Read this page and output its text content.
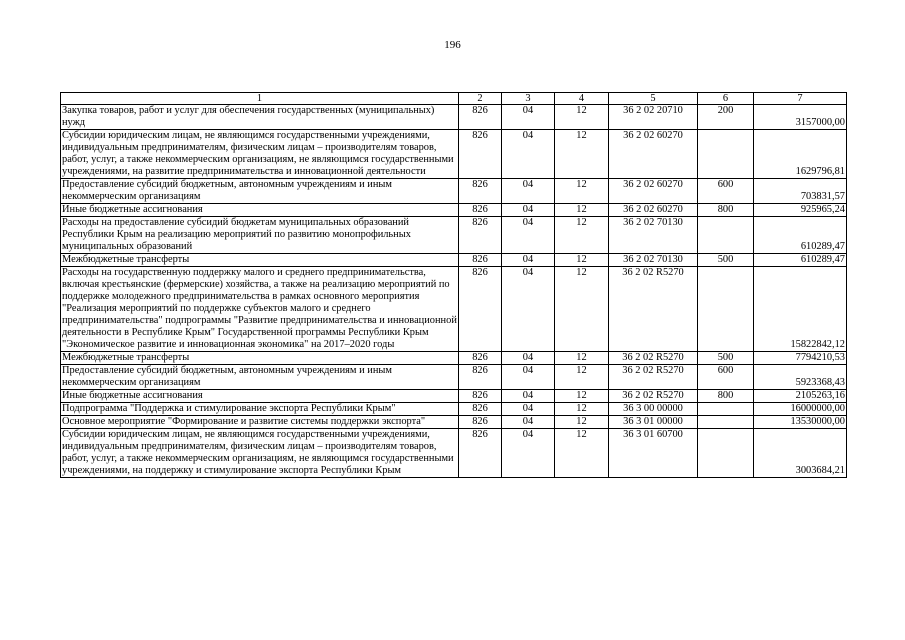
196
1	2	3	4	5	6	7
Закупка товаров, работ и услуг для обеспечения государственных (муниципальных) нужд	826	04	12	36 2 02 20710	200	3157000,00
Субсидии юридическим лицам, не являющимся государственными учреждениями, индивидуальным предпринимателям, физическим лицам – производителям товаров, работ, услуг, а также некоммерческим организациям, не являющимся государственными учреждениями, на развитие предпринимательства и инновационной деятельности	826	04	12	36 2 02 60270		1629796,81
Предоставление субсидий бюджетным, автономным учреждениям и иным некоммерческим организациям	826	04	12	36 2 02 60270	600	703831,57
Иные бюджетные ассигнования	826	04	12	36 2 02 60270	800	925965,24
Расходы на предоставление субсидий бюджетам муниципальных образований Республики Крым на реализацию мероприятий по развитию монопрофильных муниципальных образований	826	04	12	36 2 02 70130		610289,47
Межбюджетные трансферты	826	04	12	36 2 02 70130	500	610289,47
Расходы на государственную поддержку малого и среднего предпринимательства, включая крестьянские (фермерские) хозяйства, а также на реализацию мероприятий по поддержке молодежного предпринимательства в рамках основного мероприятия "Реализация мероприятий по поддержке субъектов малого и среднего предпринимательства" подпрограммы "Развитие предпринимательства и инновационной деятельности в Республике Крым" Государственной программы Республики Крым "Экономическое развитие и инновационная экономика" на 2017–2020 годы	826	04	12	36 2 02 R5270		15822842,12
Межбюджетные трансферты	826	04	12	36 2 02 R5270	500	7794210,53
Предоставление субсидий бюджетным, автономным учреждениям и иным некоммерческим организациям	826	04	12	36 2 02 R5270	600	5923368,43
Иные бюджетные ассигнования	826	04	12	36 2 02 R5270	800	2105263,16
Подпрограмма "Поддержка и стимулирование экспорта Республики Крым"	826	04	12	36 3 00 00000		16000000,00
Основное мероприятие "Формирование и развитие системы поддержки экспорта"	826	04	12	36 3 01 00000		13530000,00
Субсидии юридическим лицам, не являющимся государственными учреждениями, индивидуальным предпринимателям, физическим лицам – производителям товаров, работ, услуг, а также некоммерческим организациям, не являющимся государственными учреждениями, на поддержку и стимулирование экспорта Республики Крым	826	04	12	36 3 01 60700		3003684,21
